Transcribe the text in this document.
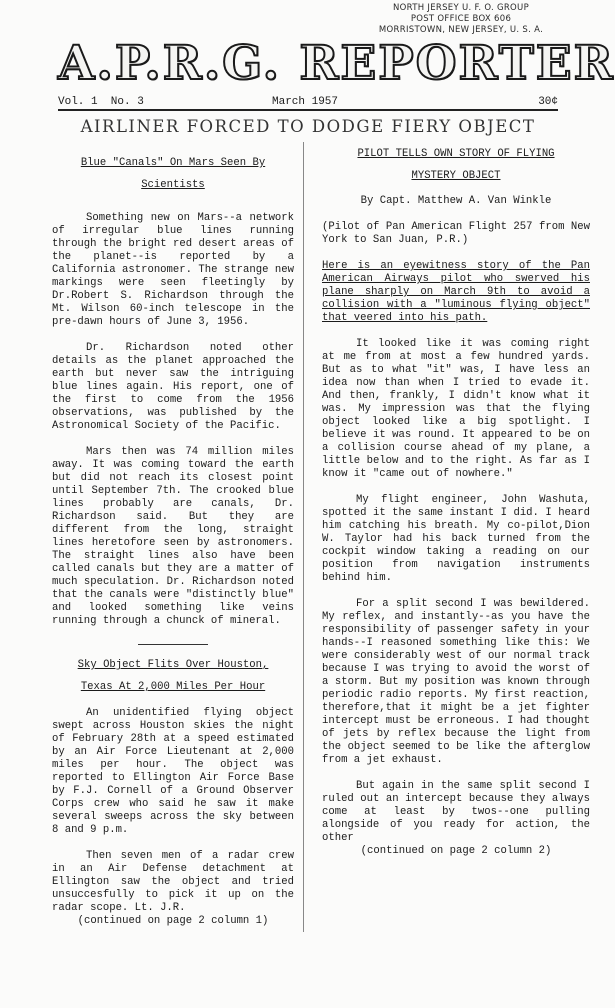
NORTH JERSEY U. F. O. GROUP
POST OFFICE BOX 606
MORRISTOWN, NEW JERSEY, U. S. A.
A.P.R.G. REPORTER
Vol. 1  No. 3	March 1957	30¢
AIRLINER FORCED TO DODGE FIERY OBJECT
Blue "Canals" On Mars Seen By
Scientists

Something new on Mars--a network of irregular blue lines running through the bright red desert areas of the planet--is reported by a California astronomer. The strange new markings were seen fleetingly by Dr.Robert S. Richardson through the Mt. Wilson 60-inch telescope in the pre-dawn hours of June 3, 1956.

Dr. Richardson noted other details as the planet approached the earth but never saw the intriguing blue lines again. His report, one of the first to come from the 1956 observations, was published by the Astronomical Society of the Pacific.

Mars then was 74 million miles away. It was coming toward the earth but did not reach its closest point until September 7th. The crooked blue lines probably are canals, Dr. Richardson said. But they are different from the long, straight lines heretofore seen by astronomers. The straight lines also have been called canals but they are a matter of much speculation. Dr. Richardson noted that the canals were "distinctly blue" and looked something like veins running through a chunck of mineral.

Sky Object Flits Over Houston,
Texas At 2,000 Miles Per Hour

An unidentified flying object swept across Houston skies the night of February 28th at a speed estimated by an Air Force Lieutenant at 2,000 miles per hour. The object was reported to Ellington Air Force Base by F.J. Cornell of a Ground Observer Corps crew who said he saw it make several sweeps across the sky between 8 and 9 p.m.

Then seven men of a radar crew in an Air Defense detachment at Ellington saw the object and tried unsuccesfully to pick it up on the radar scope. Lt. J.R.

(continued on page 2 column 1)
PILOT TELLS OWN STORY OF FLYING
MYSTERY OBJECT
By Capt. Matthew A. Van Winkle

(Pilot of Pan American Flight 257 from New York to San Juan, P.R.)

Here is an eyewitness story of the Pan American Airways pilot who swerved his plane sharply on March 9th to avoid a collision with a "luminous flying object" that veered into his path.

It looked like it was coming right at me from at most a few hundred yards. But as to what "it" was, I have less an idea now than when I tried to evade it. And then, frankly, I didn't know what it was. My impression was that the flying object looked like a big spotlight. I believe it was round. It appeared to be on a collision course ahead of my plane, a little below and to the right. As far as I know it "came out of nowhere."

My flight engineer, John Washuta, spotted it the same instant I did. I heard him catching his breath. My co-pilot,Dion W. Taylor had his back turned from the cockpit window taking a reading on our position from navigation instruments behind him.

For a split second I was bewildered. My reflex, and instantly--as you have the responsibility of passenger safety in your hands--I reasoned something like this: We were considerably west of our normal track because I was trying to avoid the worst of a storm. But my position was known through periodic radio reports. My first reaction, therefore,that it might be a jet fighter intercept must be erroneous. I had thought of jets by reflex because the light from the object seemed to be like the afterglow from a jet exhaust.

But again in the same split second I ruled out an intercept because they always come at least by twos--one pulling alongside of you ready for action, the other

(continued on page 2 column 2)
